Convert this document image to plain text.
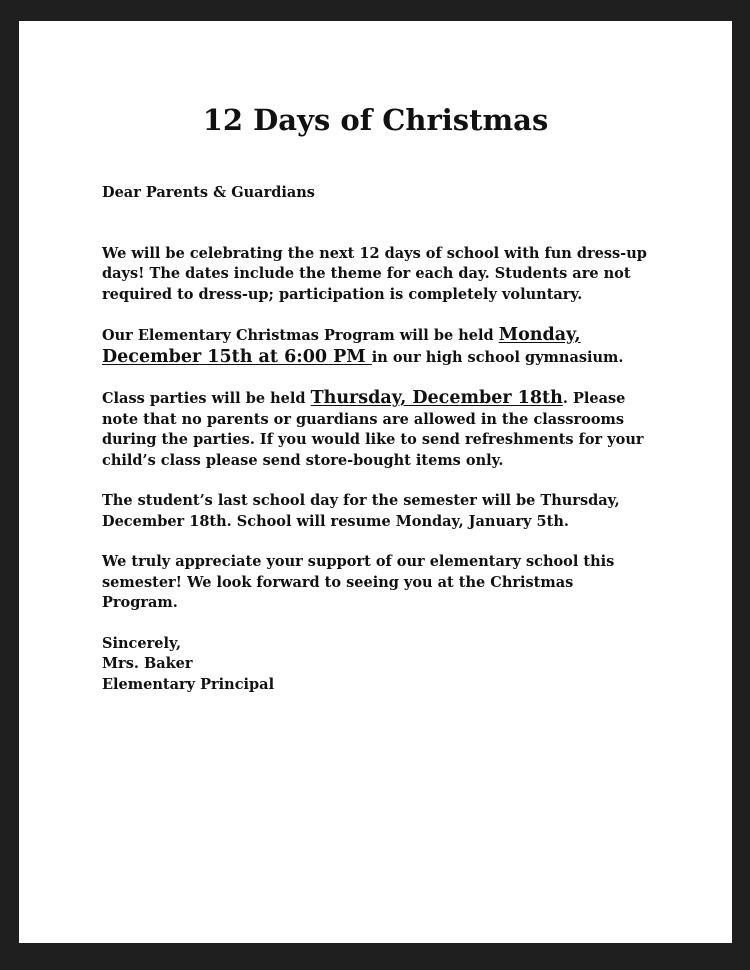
12 Days of Christmas

Dear Parents & Guardians

We will be celebrating the next 12 days of school with fun dress-up days! The dates include the theme for each day. Students are not required to dress-up; participation is completely voluntary.

Our Elementary Christmas Program will be held Monday, December 15th at 6:00 PM in our high school gymnasium.

Class parties will be held Thursday, December 18th. Please note that no parents or guardians are allowed in the classrooms during the parties. If you would like to send refreshments for your child’s class please send store-bought items only.

The student’s last school day for the semester will be Thursday, December 18th. School will resume Monday, January 5th.

We truly appreciate your support of our elementary school this semester! We look forward to seeing you at the Christmas Program.

Sincerely,
Mrs. Baker
Elementary Principal
